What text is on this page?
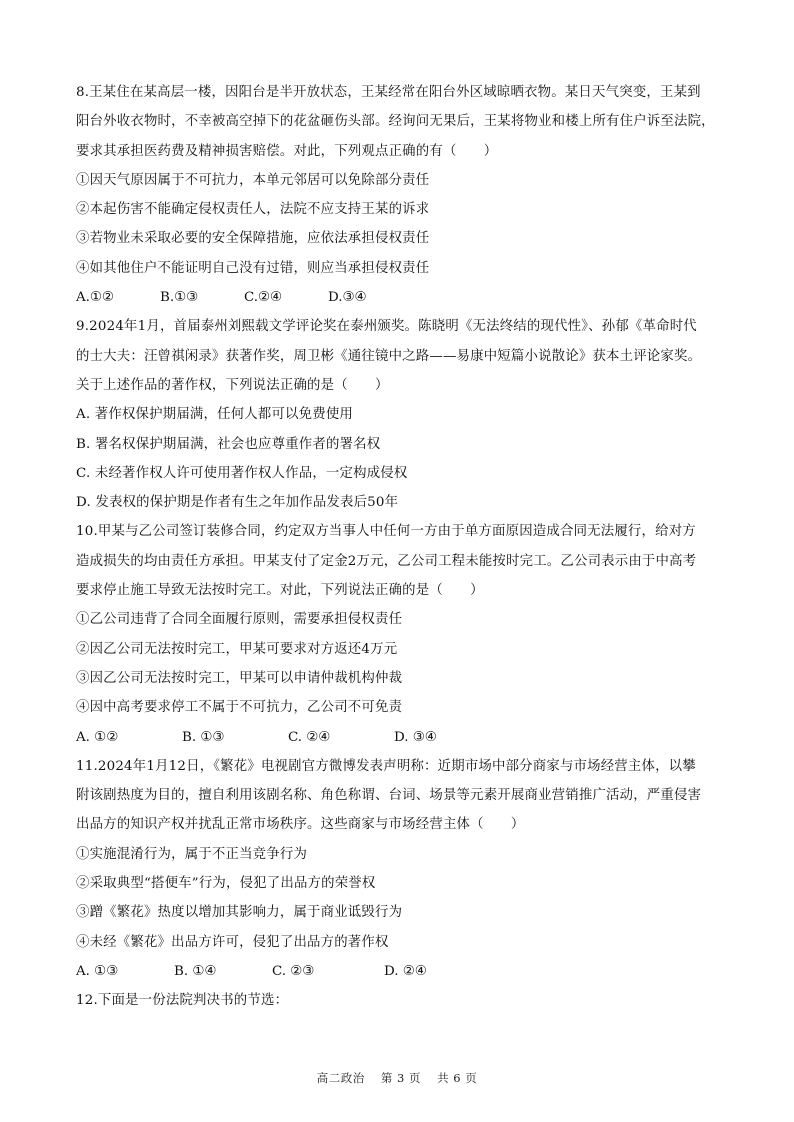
8.王某住在某高层一楼，因阳台是半开放状态，王某经常在阳台外区域晾晒衣物。某日天气突变，王某到
阳台外收衣物时，不幸被高空掉下的花盆砸伤头部。经询问无果后，王某将物业和楼上所有住户诉至法院，
要求其承担医药费及精神损害赔偿。对此，下列观点正确的有（　　）
①因天气原因属于不可抗力，本单元邻居可以免除部分责任
②本起伤害不能确定侵权责任人，法院不应支持王某的诉求
③若物业未采取必要的安全保障措施，应依法承担侵权责任
④如其他住户不能证明自己没有过错，则应当承担侵权责任
A.①②	B.①③	C.②④	D.③④
9.2024年1月，首届泰州刘熙载文学评论奖在泰州颁奖。陈晓明《无法终结的现代性》、孙郁《革命时代
的士大夫：汪曾祺闲录》获著作奖，周卫彬《通往镜中之路——易康中短篇小说散论》获本土评论家奖。
关于上述作品的著作权，下列说法正确的是（　　）
A. 著作权保护期届满，任何人都可以免费使用
B. 署名权保护期届满，社会也应尊重作者的署名权
C. 未经著作权人许可使用著作权人作品，一定构成侵权
D. 发表权的保护期是作者有生之年加作品发表后50年
10.甲某与乙公司签订装修合同，约定双方当事人中任何一方由于单方面原因造成合同无法履行，给对方
造成损失的均由责任方承担。甲某支付了定金2万元，乙公司工程未能按时完工。乙公司表示由于中高考
要求停止施工导致无法按时完工。对此，下列说法正确的是（　　）
①乙公司违背了合同全面履行原则，需要承担侵权责任
②因乙公司无法按时完工，甲某可要求对方返还4万元
③因乙公司无法按时完工，甲某可以申请仲裁机构仲裁
④因中高考要求停工不属于不可抗力，乙公司不可免责
A. ①②	B. ①③	C. ②④	D. ③④
11.2024年1月12日，《繁花》电视剧官方微博发表声明称：近期市场中部分商家与市场经营主体，以攀
附该剧热度为目的，擅自利用该剧名称、角色称谓、台词、场景等元素开展商业营销推广活动，严重侵害
出品方的知识产权并扰乱正常市场秩序。这些商家与市场经营主体（　　）
①实施混淆行为，属于不正当竞争行为
②采取典型“搭便车”行为，侵犯了出品方的荣誉权
③蹭《繁花》热度以增加其影响力，属于商业诋毁行为
④未经《繁花》出品方许可，侵犯了出品方的著作权
A. ①③	B. ①④	C. ②③	D. ②④
12.下面是一份法院判决书的节选：
高二政治　 第 3 页　 共 6 页
